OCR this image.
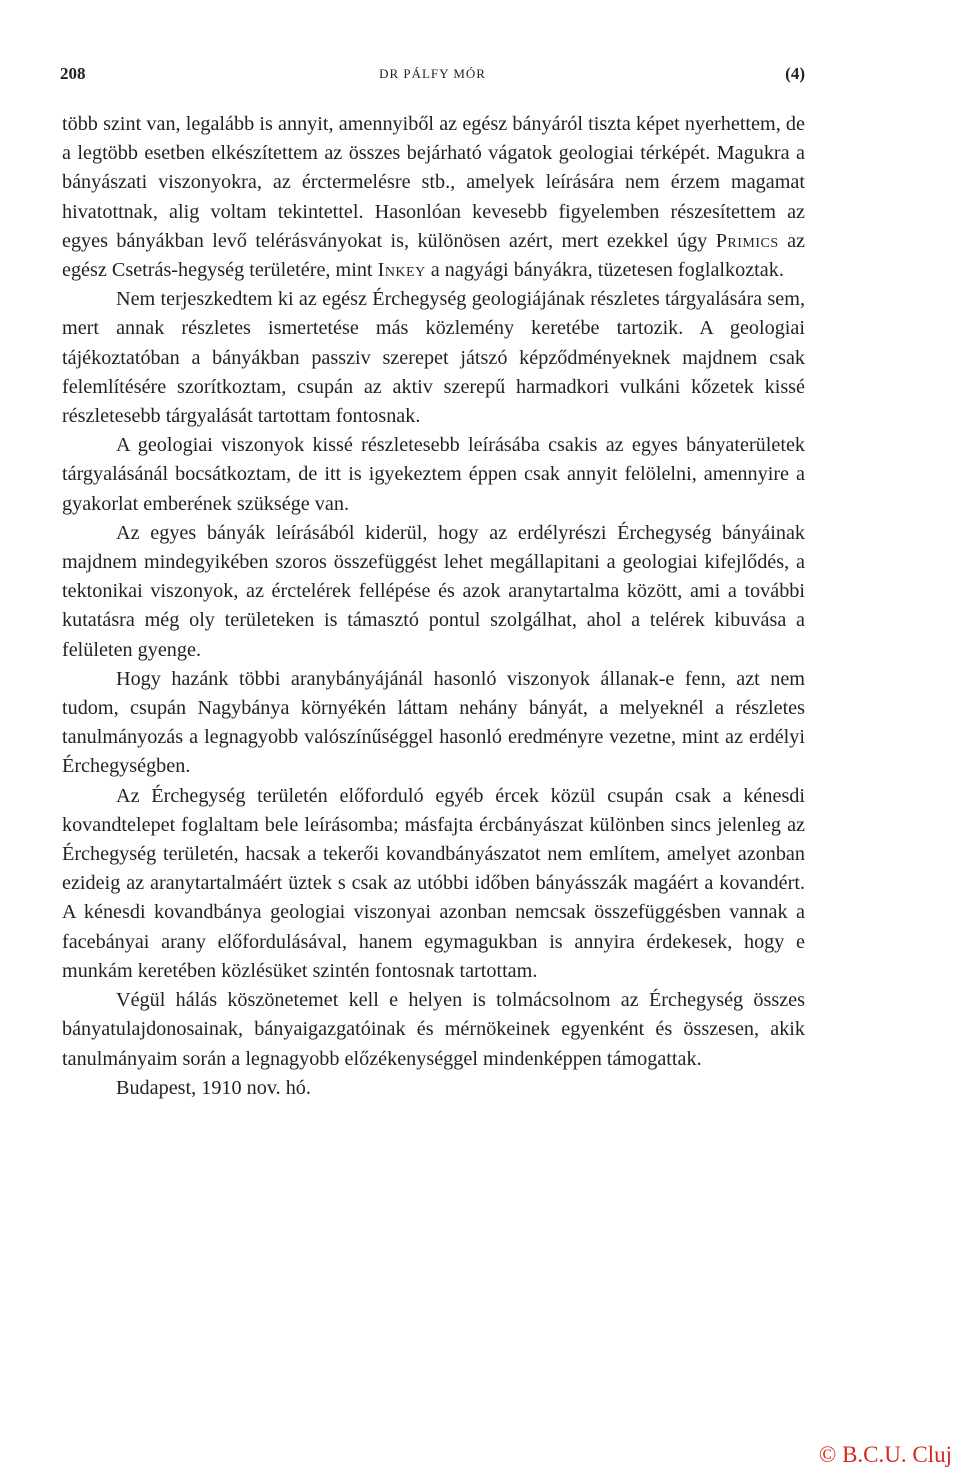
208	DR PÁLFY MÓR	(4)

több szint van, legalább is annyit, amennyiből az egész bányáról tiszta képet nyerhettem, de a legtöbb esetben elkészítettem az összes bejárható vágatok geologiai térképét. Magukra a bányászati viszonyokra, az érctermelésre stb., amelyek leírására nem érzem magamat hivatottnak, alig voltam tekintettel. Hasonlóan kevesebb figyelemben részesítettem az egyes bányákban levő telérásványokat is, különösen azért, mert ezekkel úgy Primics az egész Csetrás-hegység területére, mint Inkey a nagyági bányákra, tüzetesen foglalkoztak.

Nem terjeszkedtem ki az egész Érchegység geologiájának részletes tárgyalására sem, mert annak részletes ismertetése más közlemény keretébe tartozik. A geologiai tájékoztatóban a bányákban passziv szerepet játszó képződményeknek majdnem csak felemlítésére szorítkoztam, csupán az aktiv szerepű harmadkori vulkáni kőzetek kissé részletesebb tárgyalását tartottam fontosnak.

A geologiai viszonyok kissé részletesebb leírásába csakis az egyes bányaterületek tárgyalásánál bocsátkoztam, de itt is igyekeztem éppen csak annyit felölelni, amennyire a gyakorlat emberének szüksége van.

Az egyes bányák leírásából kiderül, hogy az erdélyrészi Érchegység bányáinak majdnem mindegyikében szoros összefüggést lehet megállapitani a geologiai kifejlődés, a tektonikai viszonyok, az érctelérek fellépése és azok aranytartalma között, ami a további kutatásra még oly területeken is támasztó pontul szolgálhat, ahol a telérek kibuvása a felületen gyenge.

Hogy hazánk többi aranybányájánál hasonló viszonyok állanak-e fenn, azt nem tudom, csupán Nagybánya környékén láttam nehány bányát, a melyeknél a részletes tanulmányozás a legnagyobb valószínűséggel hasonló eredményre vezetne, mint az erdélyi Érchegységben.

Az Érchegység területén előforduló egyéb ércek közül csupán csak a kénesdi kovandtelepet foglaltam bele leírásomba; másfajta ércbányászat különben sincs jelenleg az Érchegység területén, hacsak a tekerői kovandbányászatot nem említem, amelyet azonban ezideig az aranytartalmáért üztek s csak az utóbbi időben bányásszák magáért a kovandért. A kénesdi kovandbánya geologiai viszonyai azonban nemcsak összefüggésben vannak a facebányai arany előfordulásával, hanem egymagukban is annyira érdekesek, hogy e munkám keretében közlésüket szintén fontosnak tartottam.

Végül hálás köszönetemet kell e helyen is tolmácsolnom az Érchegység összes bányatulajdonosainak, bányaigazgatóinak és mérnökeinek egyenként és összesen, akik tanulmányaim során a legnagyobb előzékenységgel mindenképpen támogattak.

Budapest, 1910 nov. hó.

© B.C.U. Cluj
